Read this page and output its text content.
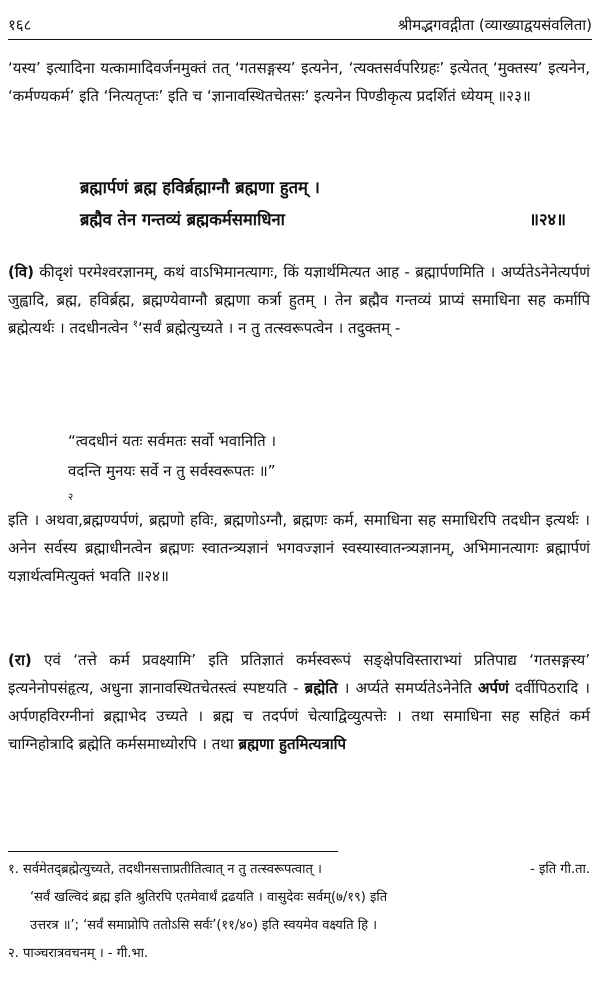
१६८	श्रीमद्भगवद्गीता (व्याख्याद्वयसंवलिता)

‘यस्य’ इत्यादिना यत्कामादिवर्जनमुक्तं तत् ‘गतसङ्गस्य’ इत्यनेन, ‘त्यक्तसर्वपरिग्रहः’ इत्येतत् ‘मुक्तस्य’ इत्यनेन, ‘कर्मण्यकर्म’ इति ‘नित्यतृप्तः’ इति च ‘ज्ञानावस्थितचेतसः’ इत्यनेन पिण्डीकृत्य प्रदर्शितं ध्येयम् ॥२३॥

ब्रह्मार्पणं ब्रह्म हविर्ब्रह्माग्नौ ब्रह्मणा हुतम् ।
ब्रह्मैव तेन गन्तव्यं ब्रह्मकर्मसमाधिना	॥२४॥

(वि) कीदृशं परमेश्वरज्ञानम्, कथं वाऽभिमानत्यागः, किं यज्ञार्थमित्यत आह - ब्रह्मार्पणमिति । अर्प्यतेऽनेनेत्यर्पणं जुह्वादि, ब्रह्म, हविर्ब्रह्म, ब्रह्मण्येवाग्नौ ब्रह्मणा कर्त्रा हुतम् । तेन ब्रह्मैव गन्तव्यं प्राप्यं समाधिना सह कर्मापि ब्रह्मेत्यर्थः । तदधीनत्वेन $^१$‘सर्वं ब्रह्मेत्युच्यते । न तु तत्स्वरूपत्वेन । तदुक्तम् -

“त्वदधीनं यतः सर्वमतः सर्वो भवानिति ।
वदन्ति मुनयः सर्वे न तु सर्वस्वरूपतः ॥”
$^२$

इति । अथवा,ब्रह्मण्यर्पणं, ब्रह्मणो हविः, ब्रह्मणोऽग्नौ, ब्रह्मणः कर्म, समाधिना सह समाधिरपि तदधीन इत्यर्थः । अनेन सर्वस्य ब्रह्माधीनत्वेन ब्रह्मणः स्वातन्त्र्यज्ञानं भगवज्ज्ञानं स्वस्यास्वातन्त्र्यज्ञानम्, अभिमानत्यागः ब्रह्मार्पणं यज्ञार्थत्वमित्युक्तं भवति ॥२४॥

(रा) एवं ‘तत्ते कर्म प्रवक्ष्यामि’ इति प्रतिज्ञातं कर्मस्वरूपं सङ्क्षेपविस्ताराभ्यां प्रतिपाद्य ‘गतसङ्गस्य’ इत्यनेनोपसंहृत्य, अधुना ज्ञानावस्थितचेतस्त्वं स्पष्टयति - ब्रह्मेति । अर्प्यते समर्प्यतेऽनेनेति अर्पणं दर्वीपिठरादि । अर्पणहविरग्नीनां ब्रह्माभेद उच्यते । ब्रह्म च तदर्पणं चेत्याद्विव्युत्पत्तेः । तथा समाधिना सह सहितं कर्म चाग्निहोत्रादि ब्रह्मेति कर्मसमाध्योरपि । तथा ब्रह्मणा हुतमित्यत्रापि

१. सर्वमेतद्ब्रह्मेत्युच्यते, तदधीनसत्ताप्रतीतित्वात् न तु तत्स्वरूपत्वात् ।	- इति गी.ता.
‘सर्वं खल्विदं ब्रह्म इति श्रुतिरपि एतमेवार्थं द्रढयति । वासुदेवः सर्वम्(७/१९) इति
उत्तरत्र ॥’; ‘सर्वं समाप्नोपि ततोऽसि सर्वः’(११/४०) इति स्वयमेव वक्ष्यति हि ।
२. पाञ्चरात्रवचनम् । - गी.भा.
